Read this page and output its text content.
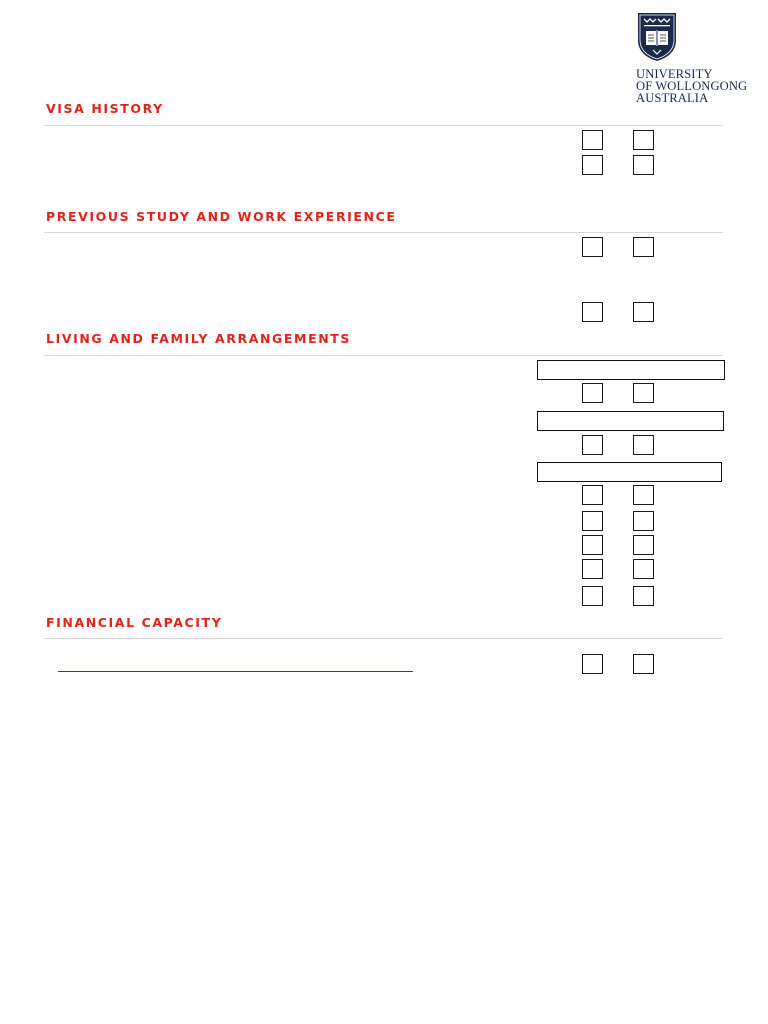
UNIVERSITY
OF WOLLONGONG
AUSTRALIA
VISA HISTORY
PREVIOUS STUDY AND WORK EXPERIENCE
LIVING AND FAMILY ARRANGEMENTS
FINANCIAL CAPACITY
